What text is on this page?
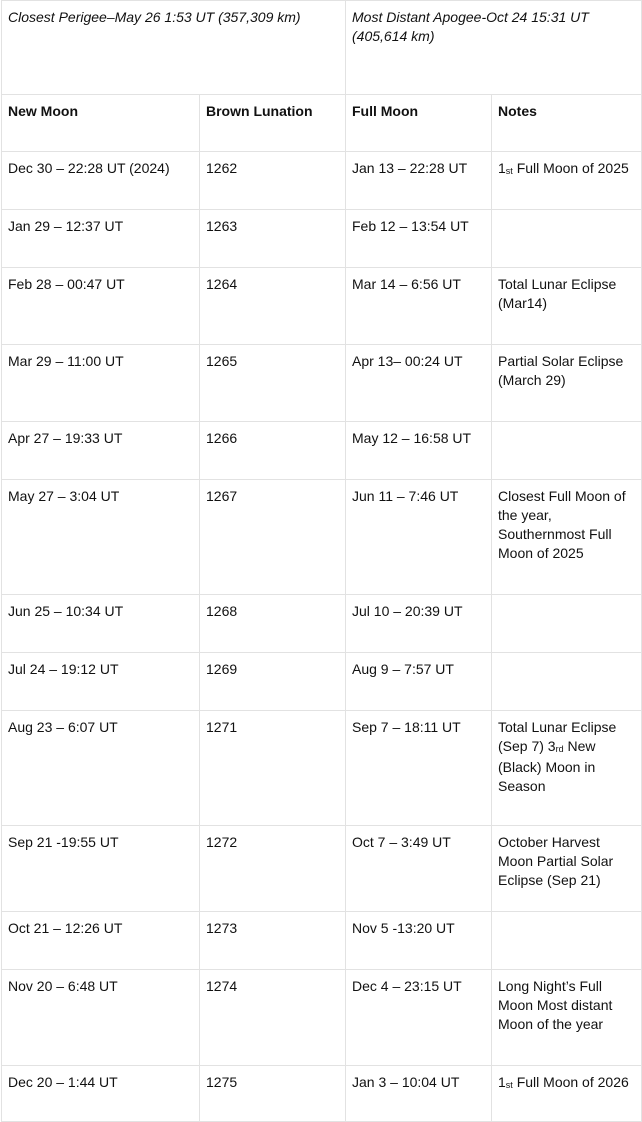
Closest Perigee–May 26 1:53 UT (357,309 km)		Most Distant Apogee-Oct 24 15:31 UT (405,614 km)	
New Moon	Brown Lunation	Full Moon	Notes
Dec 30 – 22:28 UT (2024)	1262	Jan 13 – 22:28 UT	1st Full Moon of 2025
Jan 29 – 12:37 UT	1263	Feb 12 – 13:54 UT	
Feb 28 – 00:47 UT	1264	Mar 14 – 6:56 UT	Total Lunar Eclipse (Mar14)
Mar 29 – 11:00 UT	1265	Apr 13– 00:24 UT	Partial Solar Eclipse (March 29)
Apr 27 – 19:33 UT	1266	May 12 – 16:58 UT	
May 27 – 3:04 UT	1267	Jun 11 – 7:46 UT	Closest Full Moon of the year, Southernmost Full Moon of 2025
Jun 25 – 10:34 UT	1268	Jul 10 – 20:39 UT	
Jul 24 – 19:12 UT	1269	Aug 9 – 7:57 UT	
Aug 23 – 6:07 UT	1271	Sep 7 – 18:11 UT	Total Lunar Eclipse (Sep 7) 3rd New (Black) Moon in Season
Sep 21 -19:55 UT	1272	Oct 7 – 3:49 UT	October Harvest Moon Partial Solar Eclipse (Sep 21)
Oct 21 – 12:26 UT	1273	Nov 5 -13:20 UT	
Nov 20 – 6:48 UT	1274	Dec 4 – 23:15 UT	Long Night’s Full Moon Most distant Moon of the year
Dec 20 – 1:44 UT	1275	Jan 3 – 10:04 UT	1st Full Moon of 2026
